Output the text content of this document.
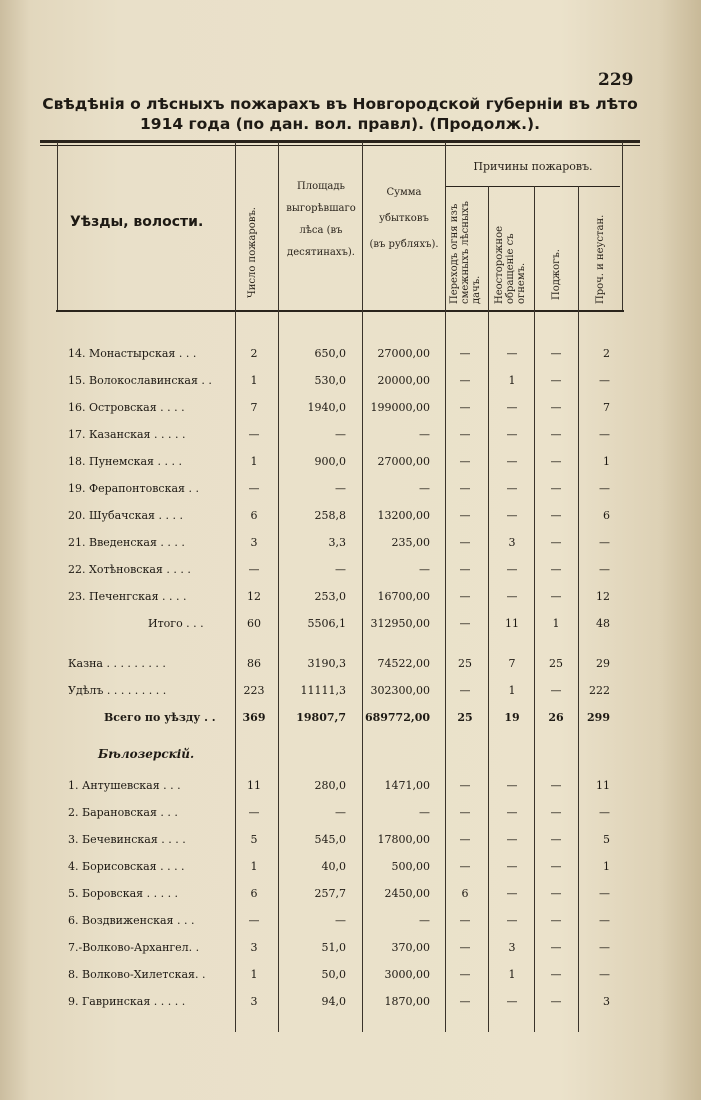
229
Свѣдѣнія о лѣсныхъ пожарахъ въ Новгородской губерніи въ лѣто
1914 года (по дан. вол. правл). (Продолж.).
Уѣзды, волости.	Число пожаровъ.
Площадь
выгорѣвшаго
лѣса (въ
десятинахъ).
Сумма
убытковъ
(въ рубляхъ).
Причины пожаровъ.
Переходъ огня изъ смежныхъ лѣсныхъ дачъ. Неосторожное обращеніе съ огнемъ. Поджогъ.	Проч. и неустан.
14. Монастырская . . .	2	650,0	27000,00	—	—	—	2
15. Волокославинская . .	1	530,0	20000,00	—	1	—	—
16. Островская . . . .	7	1940,0	199000,00	—	—	—	7
17. Казанская . . . . .	—	—	—	—	—	—	—
18. Пунемская . . . .	1	900,0	27000,00	—	—	—	1
19. Ферапонтовская . .	—	—	—	—	—	—	—
20. Шубачская . . . .	6	258,8	13200,00	—	—	—	6
21. Введенская . . . .	3	3,3	235,00	—	3	—	—
22. Хотѣновская . . . .	—	—	—	—	—	—	—
23. Печенгская . . . .	12	253,0	16700,00	—	—	—	12
Итого . . .	60	5506,1	312950,00	—	11	1	48
Казна . . . . . . . . .	86	3190,3	74522,00	25	7	25	29
Удѣлъ . . . . . . . . .	223	11111,3	302300,00	—	1	—	222
Всего по уѣзду . .	369	19807,7 689772,00	25	19	26	299
Бѣлозерскій.
1. Антушевская . . .	11	280,0	1471,00	—	—	—	11
2. Барановская . . .	—	—	—	—	—	—	—
3. Бечевинская . . . .	5	545,0	17800,00	—	—	—	5
4. Борисовская . . . .	1	40,0	500,00	—	—	—	1
5. Боровская . . . . .	6	257,7	2450,00	6	—	—	—
6. Воздвиженская . . .	—	—	—	—	—	—	—
7.-Волково-Архангел. .	3	51,0	370,00	—	3	—	—
8. Волково-Хилетская. .	1	50,0	3000,00	—	1	—	—
9. Гавринская . . . . .	3	94,0	1870,00	—	—	—	3
